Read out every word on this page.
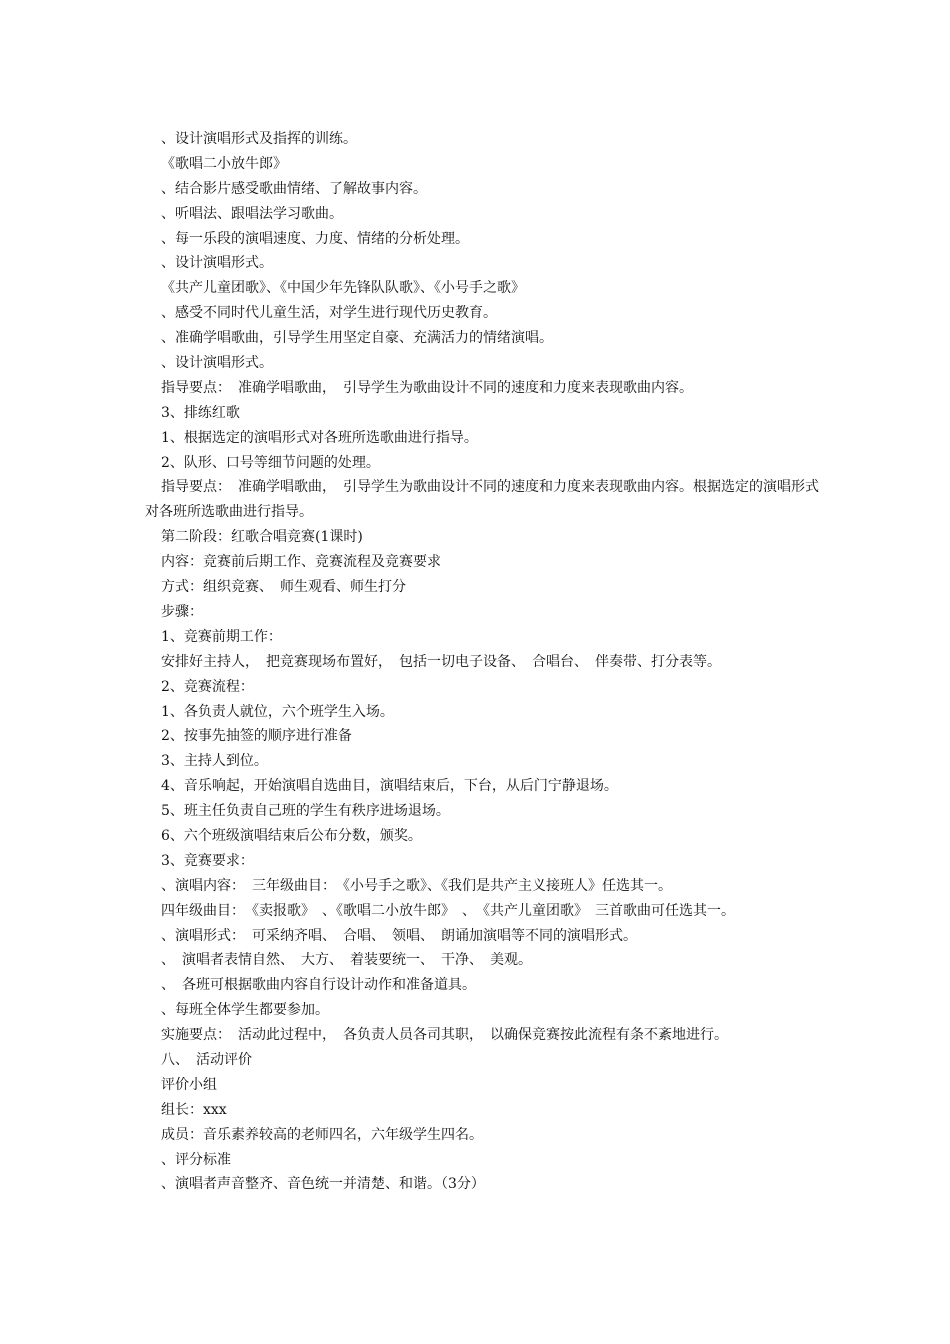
、设计演唱形式及指挥的训练。

《歌唱二小放牛郎》

、结合影片感受歌曲情绪、了解故事内容。

、听唱法、跟唱法学习歌曲。

、每一乐段的演唱速度、力度、情绪的分析处理。

、设计演唱形式。

《共产儿童团歌》、《中国少年先锋队队歌》、《小号手之歌》

、感受不同时代儿童生活，对学生进行现代历史教育。

、准确学唱歌曲，引导学生用坚定自豪、充满活力的情绪演唱。

、设计演唱形式。

指导要点：　准确学唱歌曲，　引导学生为歌曲设计不同的速度和力度来表现歌曲内容。

3、排练红歌

1、根据选定的演唱形式对各班所选歌曲进行指导。

2、队形、口号等细节问题的处理。

指导要点：　准确学唱歌曲，　引导学生为歌曲设计不同的速度和力度来表现歌曲内容。根据选定的演唱形式对各班所选歌曲进行指导。

第二阶段：红歌合唱竞赛(1课时)

内容：竞赛前后期工作、竞赛流程及竞赛要求

方式：组织竞赛、　师生观看、师生打分

步骤：

1、竞赛前期工作：

安排好主持人，　把竞赛现场布置好，　包括一切电子设备、　合唱台、　伴奏带、打分表等。

2、竞赛流程：

1、各负责人就位，六个班学生入场。

2、按事先抽签的顺序进行准备

3、主持人到位。

4、音乐响起，开始演唱自选曲目，演唱结束后，下台，从后门宁静退场。

5、班主任负责自己班的学生有秩序进场退场。

6、六个班级演唱结束后公布分数，颁奖。

3、竞赛要求：

、演唱内容：　三年级曲目：　《小号手之歌》、《我们是共产主义接班人》任选其一。

四年级曲目：　《卖报歌》　、《歌唱二小放牛郎》　、　《共产儿童团歌》　三首歌曲可任选其一。

、演唱形式：　可采纳齐唱、　合唱、　领唱、　朗诵加演唱等不同的演唱形式。

、　演唱者表情自然、　大方、　着装要统一、　干净、　美观。

、　各班可根据歌曲内容自行设计动作和准备道具。

、每班全体学生都要参加。

实施要点：　活动此过程中，　各负责人员各司其职，　以确保竞赛按此流程有条不紊地进行。

八、　活动评价

评价小组

组长：xxx

成员：音乐素养较高的老师四名，六年级学生四名。

、评分标准

、演唱者声音整齐、音色统一并清楚、和谐。（3分）
